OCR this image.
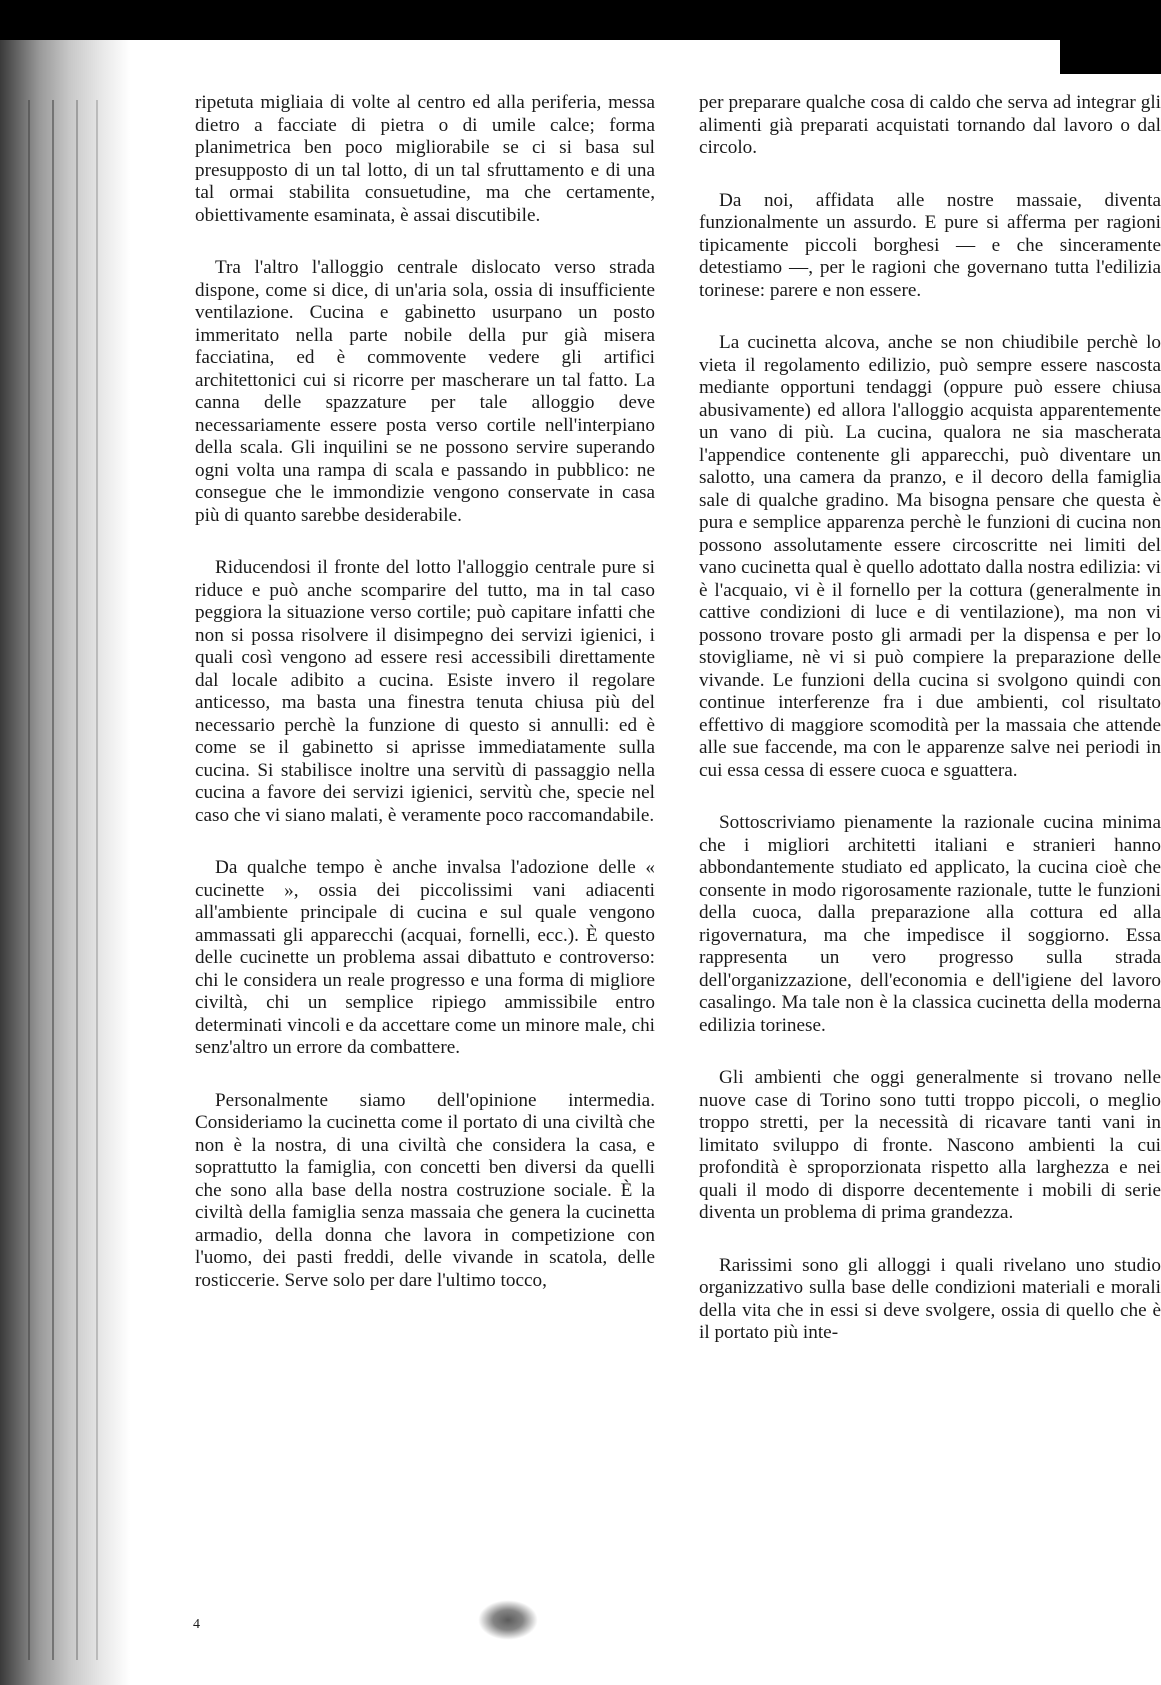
ripetuta migliaia di volte al centro ed alla periferia, messa dietro a facciate di pietra o di umile calce; forma planimetrica ben poco migliorabile se ci si basa sul presupposto di un tal lotto, di un tal sfruttamento e di una tal ormai stabilita consuetudine, ma che certamente, obiettivamente esaminata, è assai discutibile.

Tra l'altro l'alloggio centrale dislocato verso strada dispone, come si dice, di un'aria sola, ossia di insufficiente ventilazione. Cucina e gabinetto usurpano un posto immeritato nella parte nobile della pur già misera facciatina, ed è commovente vedere gli artifici architettonici cui si ricorre per mascherare un tal fatto. La canna delle spazzature per tale alloggio deve necessariamente essere posta verso cortile nell'interpiano della scala. Gli inquilini se ne possono servire superando ogni volta una rampa di scala e passando in pubblico: ne consegue che le immondizie vengono conservate in casa più di quanto sarebbe desiderabile.

Riducendosi il fronte del lotto l'alloggio centrale pure si riduce e può anche scomparire del tutto, ma in tal caso peggiora la situazione verso cortile; può capitare infatti che non si possa risolvere il disimpegno dei servizi igienici, i quali così vengono ad essere resi accessibili direttamente dal locale adibito a cucina. Esiste invero il regolare anticesso, ma basta una finestra tenuta chiusa più del necessario perchè la funzione di questo si annulli: ed è come se il gabinetto si aprisse immediatamente sulla cucina. Si stabilisce inoltre una servitù di passaggio nella cucina a favore dei servizi igienici, servitù che, specie nel caso che vi siano malati, è veramente poco raccomandabile.

Da qualche tempo è anche invalsa l'adozione delle « cucinette », ossia dei piccolissimi vani adiacenti all'ambiente principale di cucina e sul quale vengono ammassati gli apparecchi (acquai, fornelli, ecc.). È questo delle cucinette un problema assai dibattuto e controverso: chi le considera un reale progresso e una forma di migliore civiltà, chi un semplice ripiego ammissibile entro determinati vincoli e da accettare come un minore male, chi senz'altro un errore da combattere.

Personalmente siamo dell'opinione intermedia. Consideriamo la cucinetta come il portato di una civiltà che non è la nostra, di una civiltà che considera la casa, e soprattutto la famiglia, con concetti ben diversi da quelli che sono alla base della nostra costruzione sociale. È la civiltà della famiglia senza massaia che genera la cucinetta armadio, della donna che lavora in competizione con l'uomo, dei pasti freddi, delle vivande in scatola, delle rosticcerie. Serve solo per dare l'ultimo tocco,

per preparare qualche cosa di caldo che serva ad integrar gli alimenti già preparati acquistati tornando dal lavoro o dal circolo.

Da noi, affidata alle nostre massaie, diventa funzionalmente un assurdo. E pure si afferma per ragioni tipicamente piccoli borghesi — e che sinceramente detestiamo —, per le ragioni che governano tutta l'edilizia torinese: parere e non essere.

La cucinetta alcova, anche se non chiudibile perchè lo vieta il regolamento edilizio, può sempre essere nascosta mediante opportuni tendaggi (oppure può essere chiusa abusivamente) ed allora l'alloggio acquista apparentemente un vano di più. La cucina, qualora ne sia mascherata l'appendice contenente gli apparecchi, può diventare un salotto, una camera da pranzo, e il decoro della famiglia sale di qualche gradino. Ma bisogna pensare che questa è pura e semplice apparenza perchè le funzioni di cucina non possono assolutamente essere circoscritte nei limiti del vano cucinetta qual è quello adottato dalla nostra edilizia: vi è l'acquaio, vi è il fornello per la cottura (generalmente in cattive condizioni di luce e di ventilazione), ma non vi possono trovare posto gli armadi per la dispensa e per lo stovigliame, nè vi si può compiere la preparazione delle vivande. Le funzioni della cucina si svolgono quindi con continue interferenze fra i due ambienti, col risultato effettivo di maggiore scomodità per la massaia che attende alle sue faccende, ma con le apparenze salve nei periodi in cui essa cessa di essere cuoca e sguattera.

Sottoscriviamo pienamente la razionale cucina minima che i migliori architetti italiani e stranieri hanno abbondantemente studiato ed applicato, la cucina cioè che consente in modo rigorosamente razionale, tutte le funzioni della cuoca, dalla preparazione alla cottura ed alla rigovernatura, ma che impedisce il soggiorno. Essa rappresenta un vero progresso sulla strada dell'organizzazione, dell'economia e dell'igiene del lavoro casalingo. Ma tale non è la classica cucinetta della moderna edilizia torinese.

Gli ambienti che oggi generalmente si trovano nelle nuove case di Torino sono tutti troppo piccoli, o meglio troppo stretti, per la necessità di ricavare tanti vani in limitato sviluppo di fronte. Nascono ambienti la cui profondità è sproporzionata rispetto alla larghezza e nei quali il modo di disporre decentemente i mobili di serie diventa un problema di prima grandezza.

Rarissimi sono gli alloggi i quali rivelano uno studio organizzativo sulla base delle condizioni materiali e morali della vita che in essi si deve svolgere, ossia di quello che è il portato più inte-

4
